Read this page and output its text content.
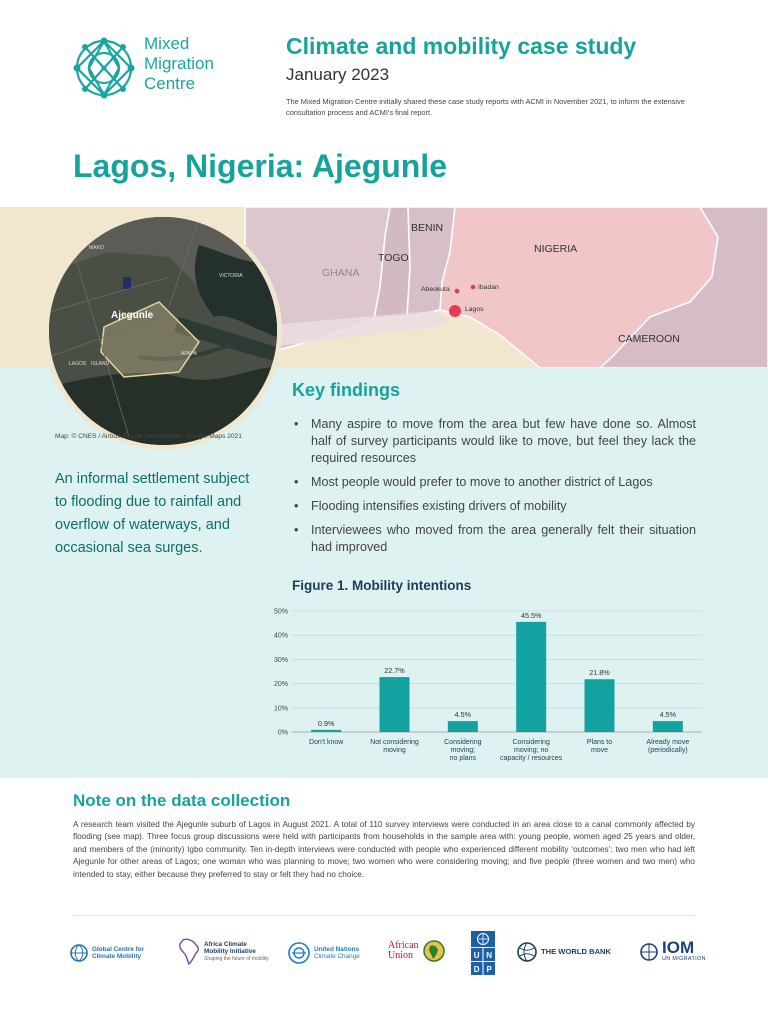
Mixed
Migration
Centre
Climate and mobility case study
January 2023
The Mixed Migration Centre initially shared these case study reports with ACMI in November 2021, to inform the extensive consultation process and ACMI’s final report.
Lagos, Nigeria: Ajegunle
BENIN
TOGO
GHANA
NIGERIA
CAMEROON
Abeokuta	Ibadan
Lagos
Ajegunle
MAKO
APAPA
LAGOS ISLAND
VICTORIA
Map: © CNES / Airbus, Maxar Technologies, Google Maps 2021

An informal settlement subject to flooding due to rainfall and overflow of waterways, and occasional sea surges.

Key findings
• Many aspire to move from the area but few have done so. Almost half of survey participants would like to move, but feel they lack the required resources
• Most people would prefer to move to another district of Lagos
• Flooding intensifies existing drivers of mobility
• Interviewees who moved from the area generally felt their situation had improved
Figure 1. Mobility intentions
0%
10%
20%
30%
40%
50%
0.9%
Don't know
22.7%
Not considering
moving
4.5%
Considering
moving;
no plans
45.5%
Considering
moving; no
capacity / resources
21.8%
Plans to
move
4.5%
Already move
(periodically)
Note on the data collection

A research team visited the Ajegunle suburb of Lagos in August 2021. A total of 110 survey interviews were conducted in an area close to a canal commonly affected by flooding (see map). Three focus group discussions were held with participants from households in the sample area with: young people, women aged 25 years and older, and members of the (minority) Igbo community. Ten in-depth interviews were conducted with people who experienced different mobility ‘outcomes’: two men who had left Ajegunle for other areas of Lagos; one woman who was planning to move; two women who were considering moving; and five people (three women and two men) who intended to stay, either because they preferred to stay or felt they had no choice.

Global Centre for
Climate Mobility
Africa Climate
Mobility Initiative
Shaping the future of mobility
United Nations
Climate Change
African
Union	U N
D P
THE WORLD BANK	IOM
UN MIGRATION
